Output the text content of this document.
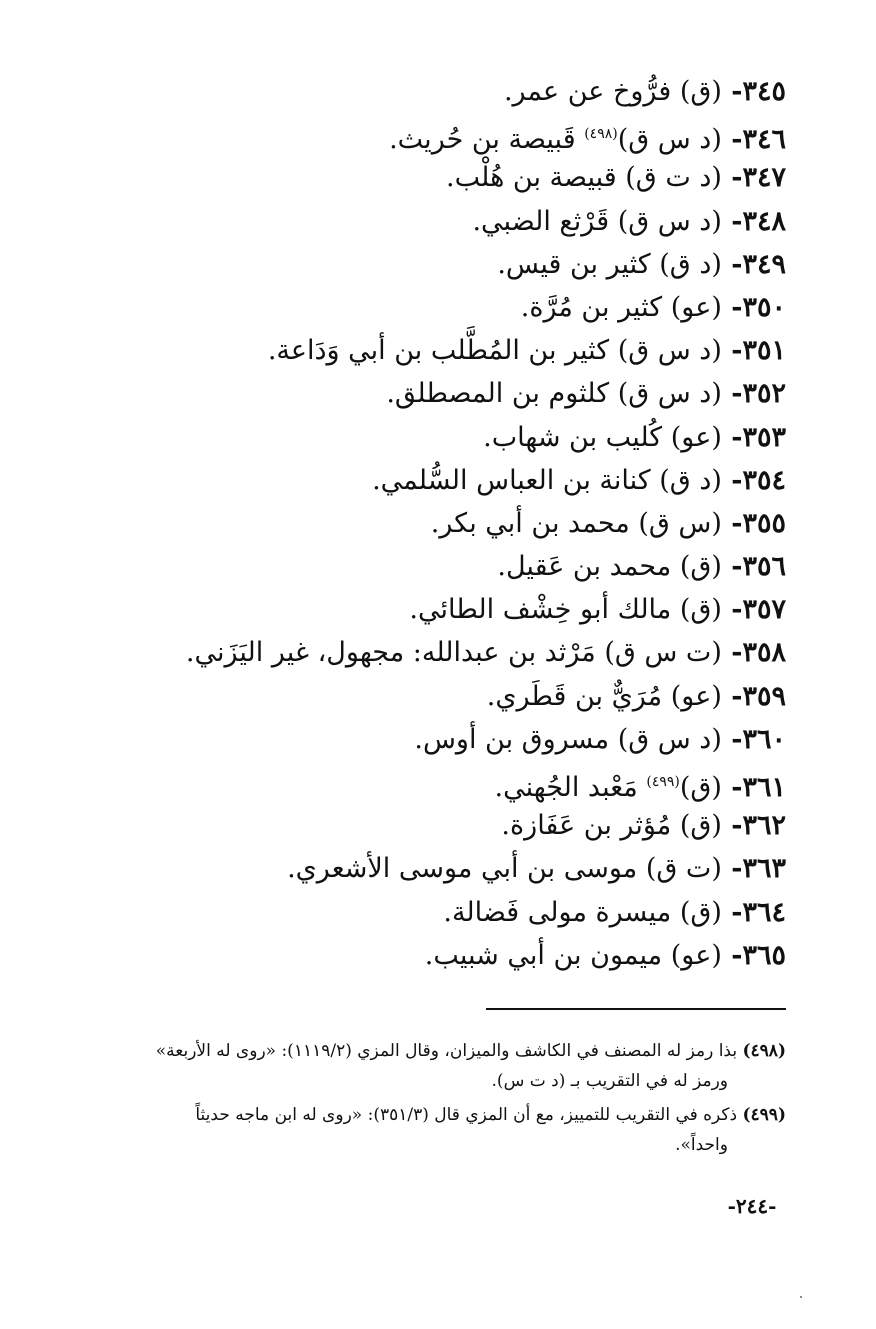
٣٤٥- (ق) فرُّوخ عن عمر.
٣٤٦- (د س ق)$^{(٤٩٨)}$ قَبيصة بن حُريث.
٣٤٧- (د ت ق) قبيصة بن هُلْب.
٣٤٨- (د س ق) قَرْثع الضبي.
٣٤٩- (د ق) كثير بن قيس.
٣٥٠- (عو) كثير بن مُرَّة.
٣٥١- (د س ق) كثير بن المُطَّلب بن أبي وَدَاعة.
٣٥٢- (د س ق) كلثوم بن المصطلق.
٣٥٣- (عو) كُليب بن شهاب.
٣٥٤- (د ق) كنانة بن العباس السُّلمي.
٣٥٥- (س ق) محمد بن أبي بكر.
٣٥٦- (ق) محمد بن عَقيل.
٣٥٧- (ق) مالك أبو خِشْف الطائي.
٣٥٨- (ت س ق) مَرْثد بن عبدالله: مجهول، غير اليَزَني.
٣٥٩- (عو) مُرَيٌّ بن قَطَري.
٣٦٠- (د س ق) مسروق بن أوس.
٣٦١- (ق)$^{(٤٩٩)}$ مَعْبد الجُهني.
٣٦٢- (ق) مُؤثر بن عَفَازة.
٣٦٣- (ت ق) موسى بن أبي موسى الأشعري.
٣٦٤- (ق) ميسرة مولى فَضالة.
٣٦٥- (عو) ميمون بن أبي شبيب.
(٤٩٨) بذا رمز له المصنف في الكاشف والميزان، وقال المزي (١١١٩/٢): «روى له الأربعة»
ورمز له في التقريب بـ (د ت س).
(٤٩٩) ذكره في التقريب للتمييز، مع أن المزي قال (٣٥١/٣): «روى له ابن ماجه حديثاً
واحداً».
-٢٤٤-
